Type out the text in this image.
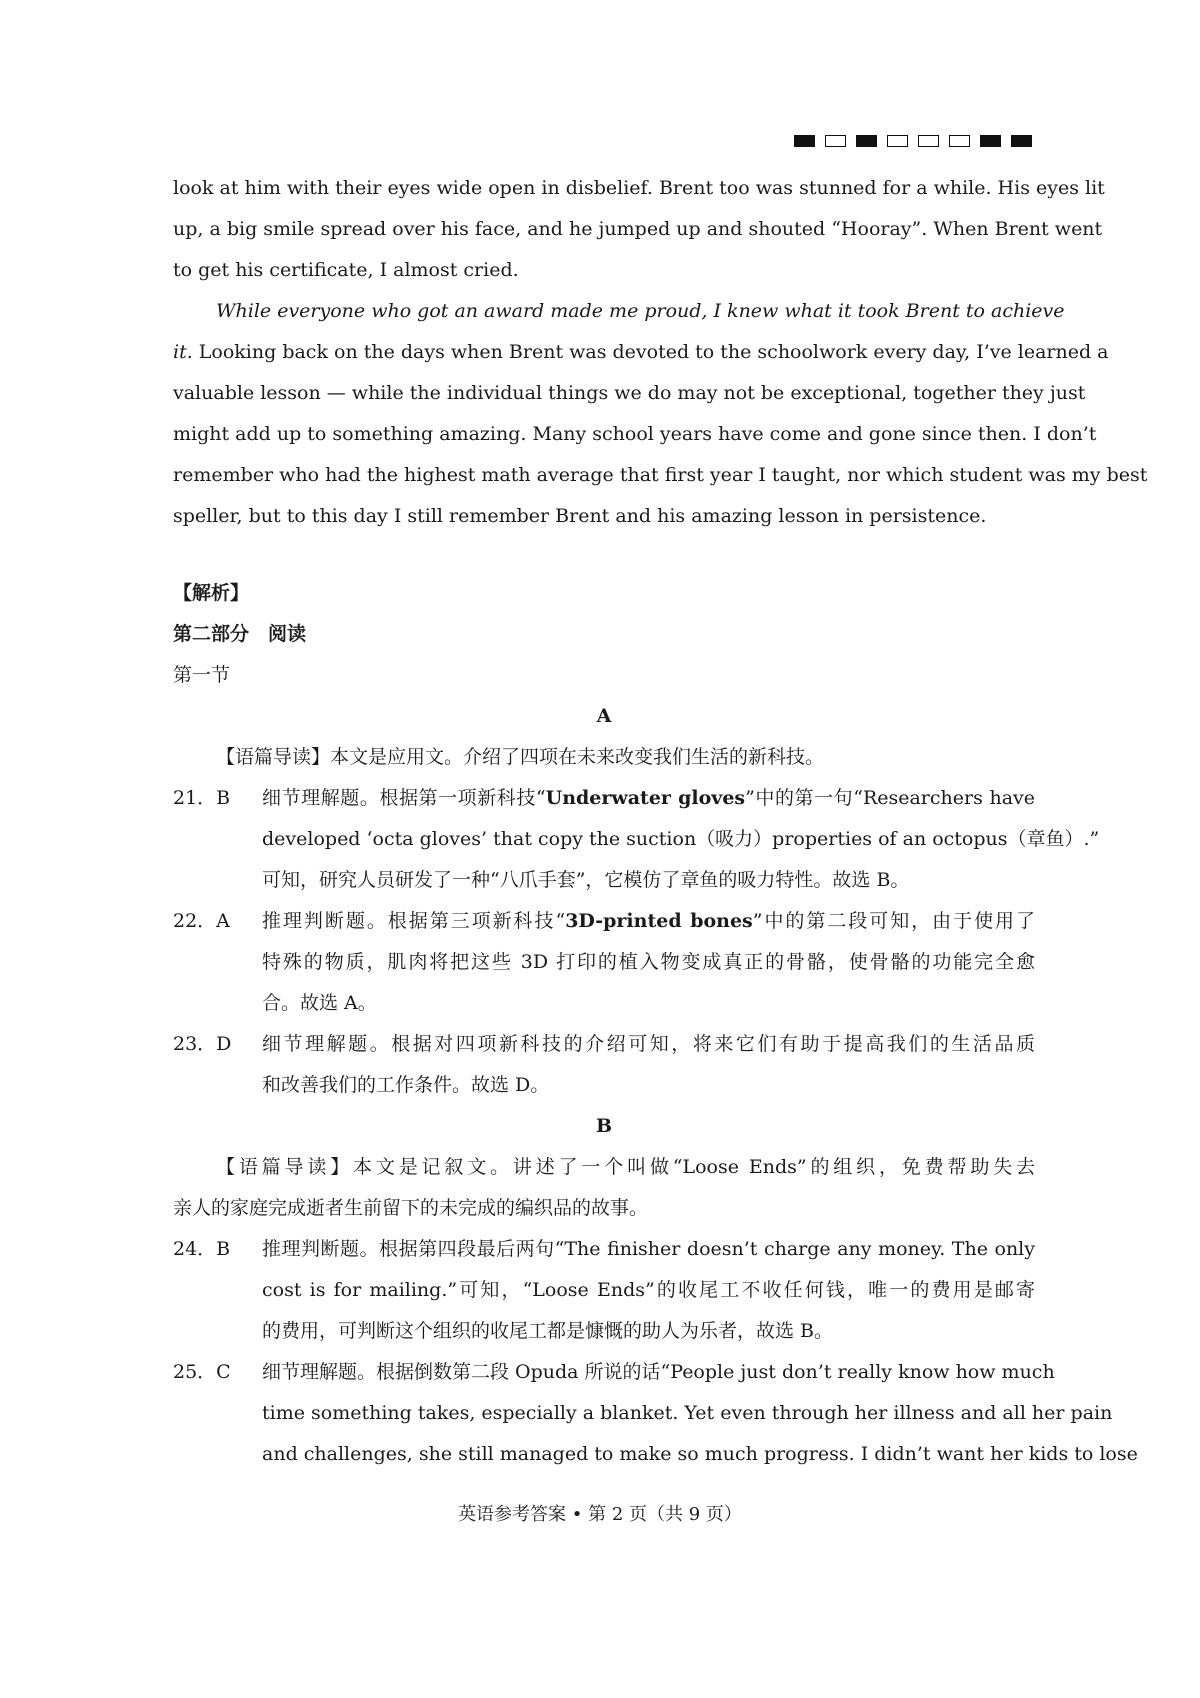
look at him with their eyes wide open in disbelief. Brent too was stunned for a while. His eyes lit
up, a big smile spread over his face, and he jumped up and shouted “Hooray”. When Brent went
to get his certificate, I almost cried.
While everyone who got an award made me proud, I knew what it took Brent to achieve
it. Looking back on the days when Brent was devoted to the schoolwork every day, I’ve learned a
valuable lesson — while the individual things we do may not be exceptional, together they just
might add up to something amazing. Many school years have come and gone since then. I don’t
remember who had the highest math average that first year I taught, nor which student was my best
speller, but to this day I still remember Brent and his amazing lesson in persistence.
【解析】
第二部分　阅读
第一节
A
【语篇导读】本文是应用文。介绍了四项在未来改变我们生活的新科技。
21．B	细节理解题。根据第一项新科技“Underwater gloves”中的第一句“Researchers have
developed ‘octa gloves’ that copy the suction（吸力）properties of an octopus（章鱼）.”
可知，研究人员研发了一种“八爪手套”，它模仿了章鱼的吸力特性。故选 B。
22．A	推理判断题。根据第三项新科技“3D-printed bones”中的第二段可知，由于使用了
特殊的物质，肌肉将把这些 3D 打印的植入物变成真正的骨骼，使骨骼的功能完全愈
合。故选 A。
23．D	细节理解题。根据对四项新科技的介绍可知，将来它们有助于提高我们的生活品质
和改善我们的工作条件。故选 D。
B
【语篇导读】本文是记叙文。讲述了一个叫做“Loose Ends”的组织，免费帮助失去
亲人的家庭完成逝者生前留下的未完成的编织品的故事。
24．B	推理判断题。根据第四段最后两句“The finisher doesn’t charge any money. The only
cost is for mailing.”可知，“Loose Ends”的收尾工不收任何钱，唯一的费用是邮寄
的费用，可判断这个组织的收尾工都是慷慨的助人为乐者，故选 B。
25．C	细节理解题。根据倒数第二段 Opuda 所说的话“People just don’t really know how much
time something takes, especially a blanket. Yet even through her illness and all her pain
and challenges, she still managed to make so much progress. I didn’t want her kids to lose
英语参考答案 • 第 2 页（共 9 页）
